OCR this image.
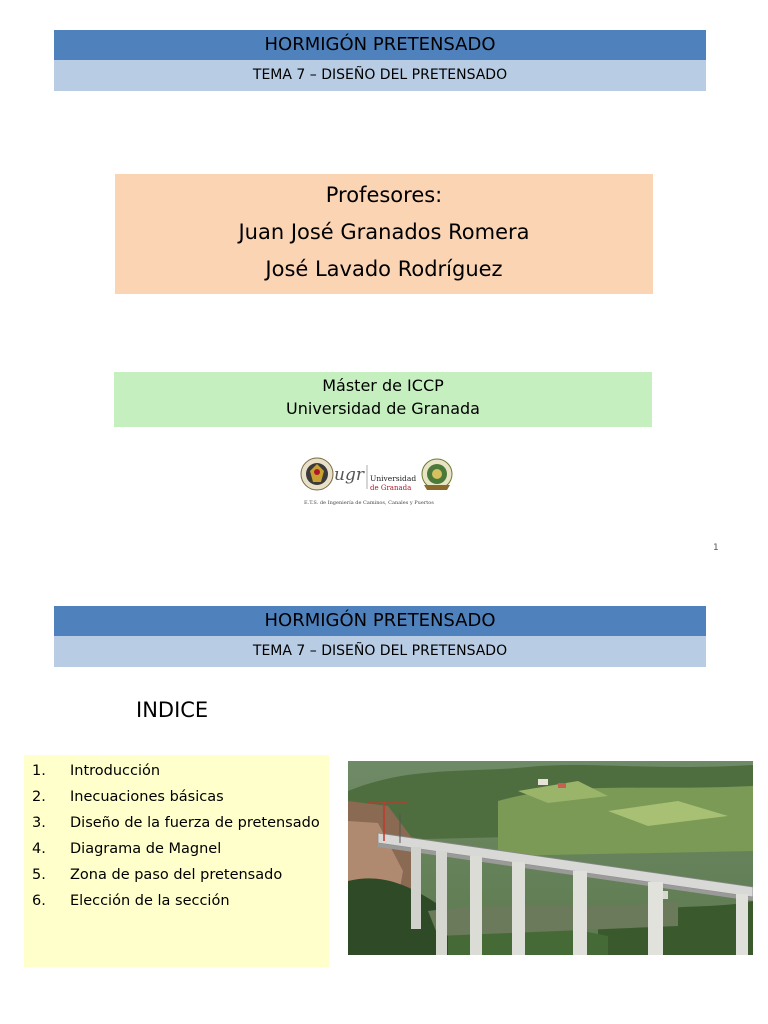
HORMIGÓN PRETENSADO
TEMA 7 – DISEÑO DEL PRETENSADO
Profesores:
Juan José Granados Romera
José Lavado Rodríguez
Máster de ICCP
Universidad de Granada
ugr Universidad
de Granada
E.T.S. de Ingeniería de Caminos, Canales y Puertos
1
HORMIGÓN PRETENSADO
TEMA 7 – DISEÑO DEL PRETENSADO
INDICE
1. Introducción
2. Inecuaciones básicas
3. Diseño de la fuerza de pretensado
4. Diagrama de Magnel
5. Zona de paso del pretensado
6. Elección de la sección
